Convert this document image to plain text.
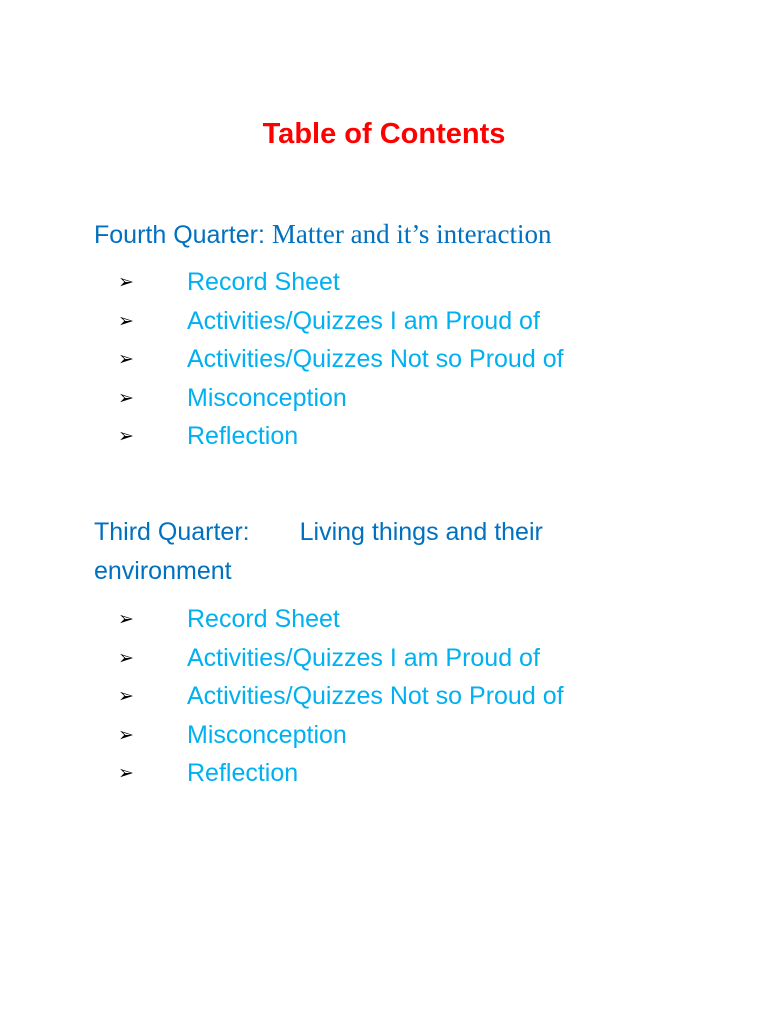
Table of Contents
Fourth Quarter: Matter and it’s interaction
➢ Record Sheet
➢ Activities/Quizzes I am Proud of
➢ Activities/Quizzes Not so Proud of
➢ Misconception
➢ Reflection
Third Quarter: Living things and their
environment
➢ Record Sheet
➢ Activities/Quizzes I am Proud of
➢ Activities/Quizzes Not so Proud of
➢ Misconception
➢ Reflection
